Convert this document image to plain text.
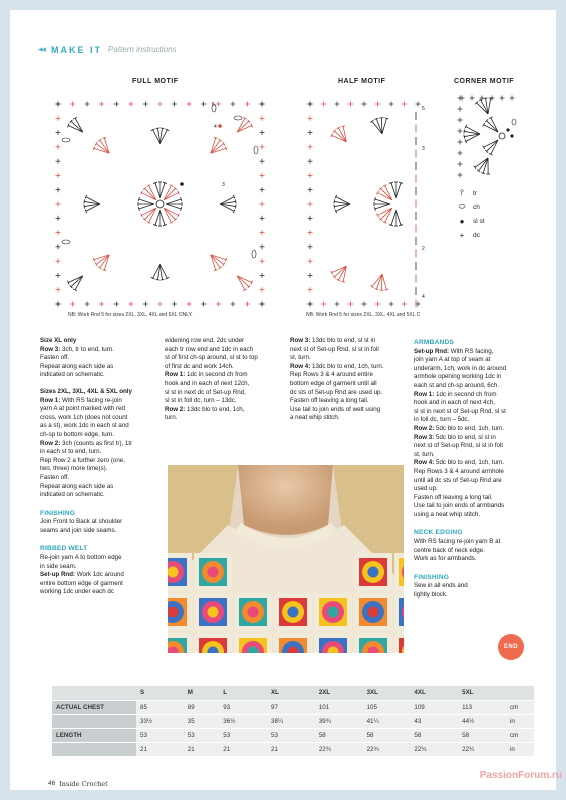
◂◂ MAKE IT Pattern instructions
FULL MOTIF	HALF MOTIF	CORNER MOTIF
5
4
3
NB: Work Rnd 5 for sizes 2XL, 3XL, 4XL and 5XL ONLY.
5
3
2
4
NB: Work Rnd 5 for sizes 2XL, 3XL, 4XL and 5XL C
⫯	tr
⬭	ch
●	sl st
+	dc

Size XL only

Row 3: 3ch, tr to end, turn.

Fasten off.

Repeat along each side as

indicated on schematic.

Sizes 2XL, 3XL, 4XL & 5XL only

Row 1: With RS facing re-join

yarn A at point marked with red

cross, work 1ch (does not count

as a st), work 1dc in each st and

ch-sp to bottom edge, turn.

Row 2: 3ch (counts as first tr), 1tr

in each st to end, turn.

Rep Row 2 a further zero (one,

two, three) more time(s).

Fasten off.

Repeat along each side as

indicated on schematic.

FINISHING

Join Front to Back at shoulder

seams and join side seams.

RIBBED WELT

Re-join yarn A to bottom edge

in side seam.

Set-up Rnd: Work 1dc around

entire bottom edge of garment

working 1dc under each dc

widening row end, 2dc under

each tr row end and 1dc in each

st of first ch-sp around, sl st to top

of first dc and work 14ch.

Row 1: 1dc in second ch from

hook and in each of next 12ch,

sl st in next dc of Set-up Rnd,

sl st in foll dc, turn – 13dc.

Row 2: 13dc blo to end, 1ch,

turn.

Row 3: 13dc blo to end, sl st in

next st of Set-up Rnd, sl st in foll

st, turn.

Row 4: 13dc blo to end, 1ch, turn.

Rep Rows 3 & 4 around entire

bottom edge of garment until all

dc sts of Set-up Rnd are used up.

Fasten off leaving a long tail.

Use tail to join ends of welt using

a neat whip stitch.

ARMBANDS

Set-up Rnd: With RS facing,

join yarn A at top of seam at

underarm, 1ch, work in dc around

armhole opening working 1dc in

each st and ch-sp around, 6ch.

Row 1: 1dc in second ch from

hook and in each of next 4ch,

sl st in next st of Set-up Rnd, sl st

in foll dc, turn – 5dc.

Row 2: 5dc blo to end, 1ch, turn.

Row 3: 5dc blo to end, sl st in

next st of Set-up Rnd, sl st in foll

st, turn.

Row 4: 5dc blo to end, 1ch, turn.

Rep Rows 3 & 4 around armhole

until all dc sts of Set-up Rnd are

used up.

Fasten off leaving a long tail.

Use tail to join ends of armbands

using a neat whip stitch.

NECK EDGING

With RS facing re-join yarn B at

centre back of neck edge.

Work as for armbands.

FINISHING

Sew in all ends and

lightly block.

END
	S	M	L	XL	2XL	3XL	4XL	5XL	
ACTUAL CHEST	85	89	93	97	101	105	109	113	cm
	33½	35	36½	38¼	39¾	41¼	43	44½	in
LENGTH	53	53	53	53	58	58	58	58	cm
	21	21	21	21	22¾	22¾	22¾	22¾	in
46 Inside Crochet
PassionForum.ru
